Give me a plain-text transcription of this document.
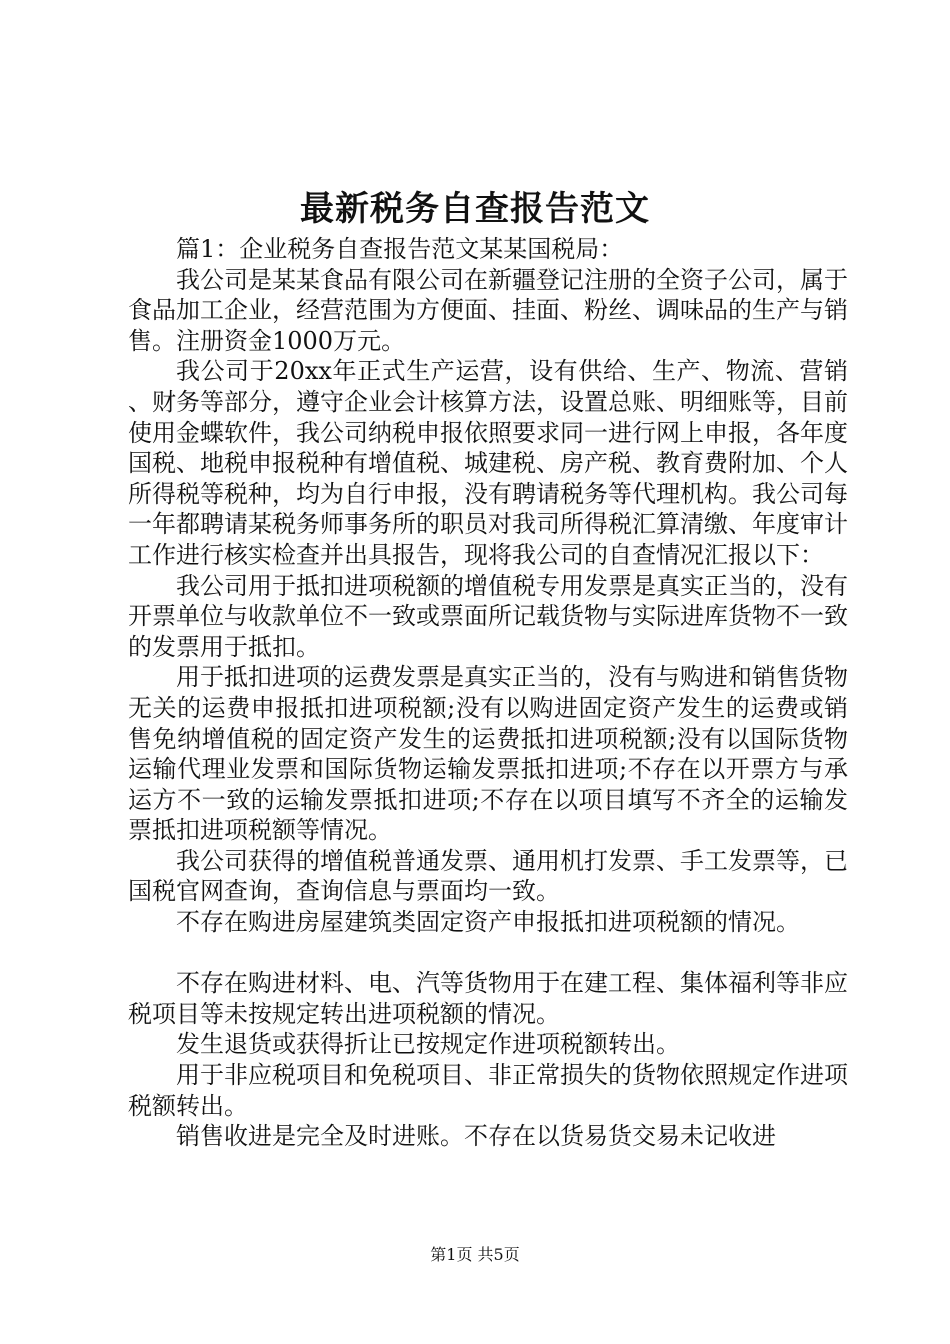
最新税务自查报告范文

篇1：企业税务自查报告范文某某国税局：

我公司是某某食品有限公司在新疆登记注册的全资子公司，属于食品加工企业，经营范围为方便面、挂面、粉丝、调味品的生产与销售。注册资金1000万元。

我公司于20xx年正式生产运营，设有供给、生产、物流、营销、财务等部分，遵守企业会计核算方法，设置总账、明细账等，目前使用金蝶软件，我公司纳税申报依照要求同一进行网上申报，各年度国税、地税申报税种有增值税、城建税、房产税、教育费附加、个人所得税等税种，均为自行申报，没有聘请税务等代理机构。我公司每一年都聘请某税务师事务所的职员对我司所得税汇算清缴、年度审计工作进行核实检查并出具报告，现将我公司的自查情况汇报以下：

我公司用于抵扣进项税额的增值税专用发票是真实正当的，没有开票单位与收款单位不一致或票面所记载货物与实际进库货物不一致的发票用于抵扣。

用于抵扣进项的运费发票是真实正当的，没有与购进和销售货物无关的运费申报抵扣进项税额;没有以购进固定资产发生的运费或销售免纳增值税的固定资产发生的运费抵扣进项税额;没有以国际货物运输代理业发票和国际货物运输发票抵扣进项;不存在以开票方与承运方不一致的运输发票抵扣进项;不存在以项目填写不齐全的运输发票抵扣进项税额等情况。

我公司获得的增值税普通发票、通用机打发票、手工发票等，已国税官网查询，查询信息与票面均一致。

不存在购进房屋建筑类固定资产申报抵扣进项税额的情况。

不存在购进材料、电、汽等货物用于在建工程、集体福利等非应税项目等未按规定转出进项税额的情况。

发生退货或获得折让已按规定作进项税额转出。

用于非应税项目和免税项目、非正常损失的货物依照规定作进项税额转出。

销售收进是完全及时进账。不存在以货易货交易未记收进

第1页 共5页
